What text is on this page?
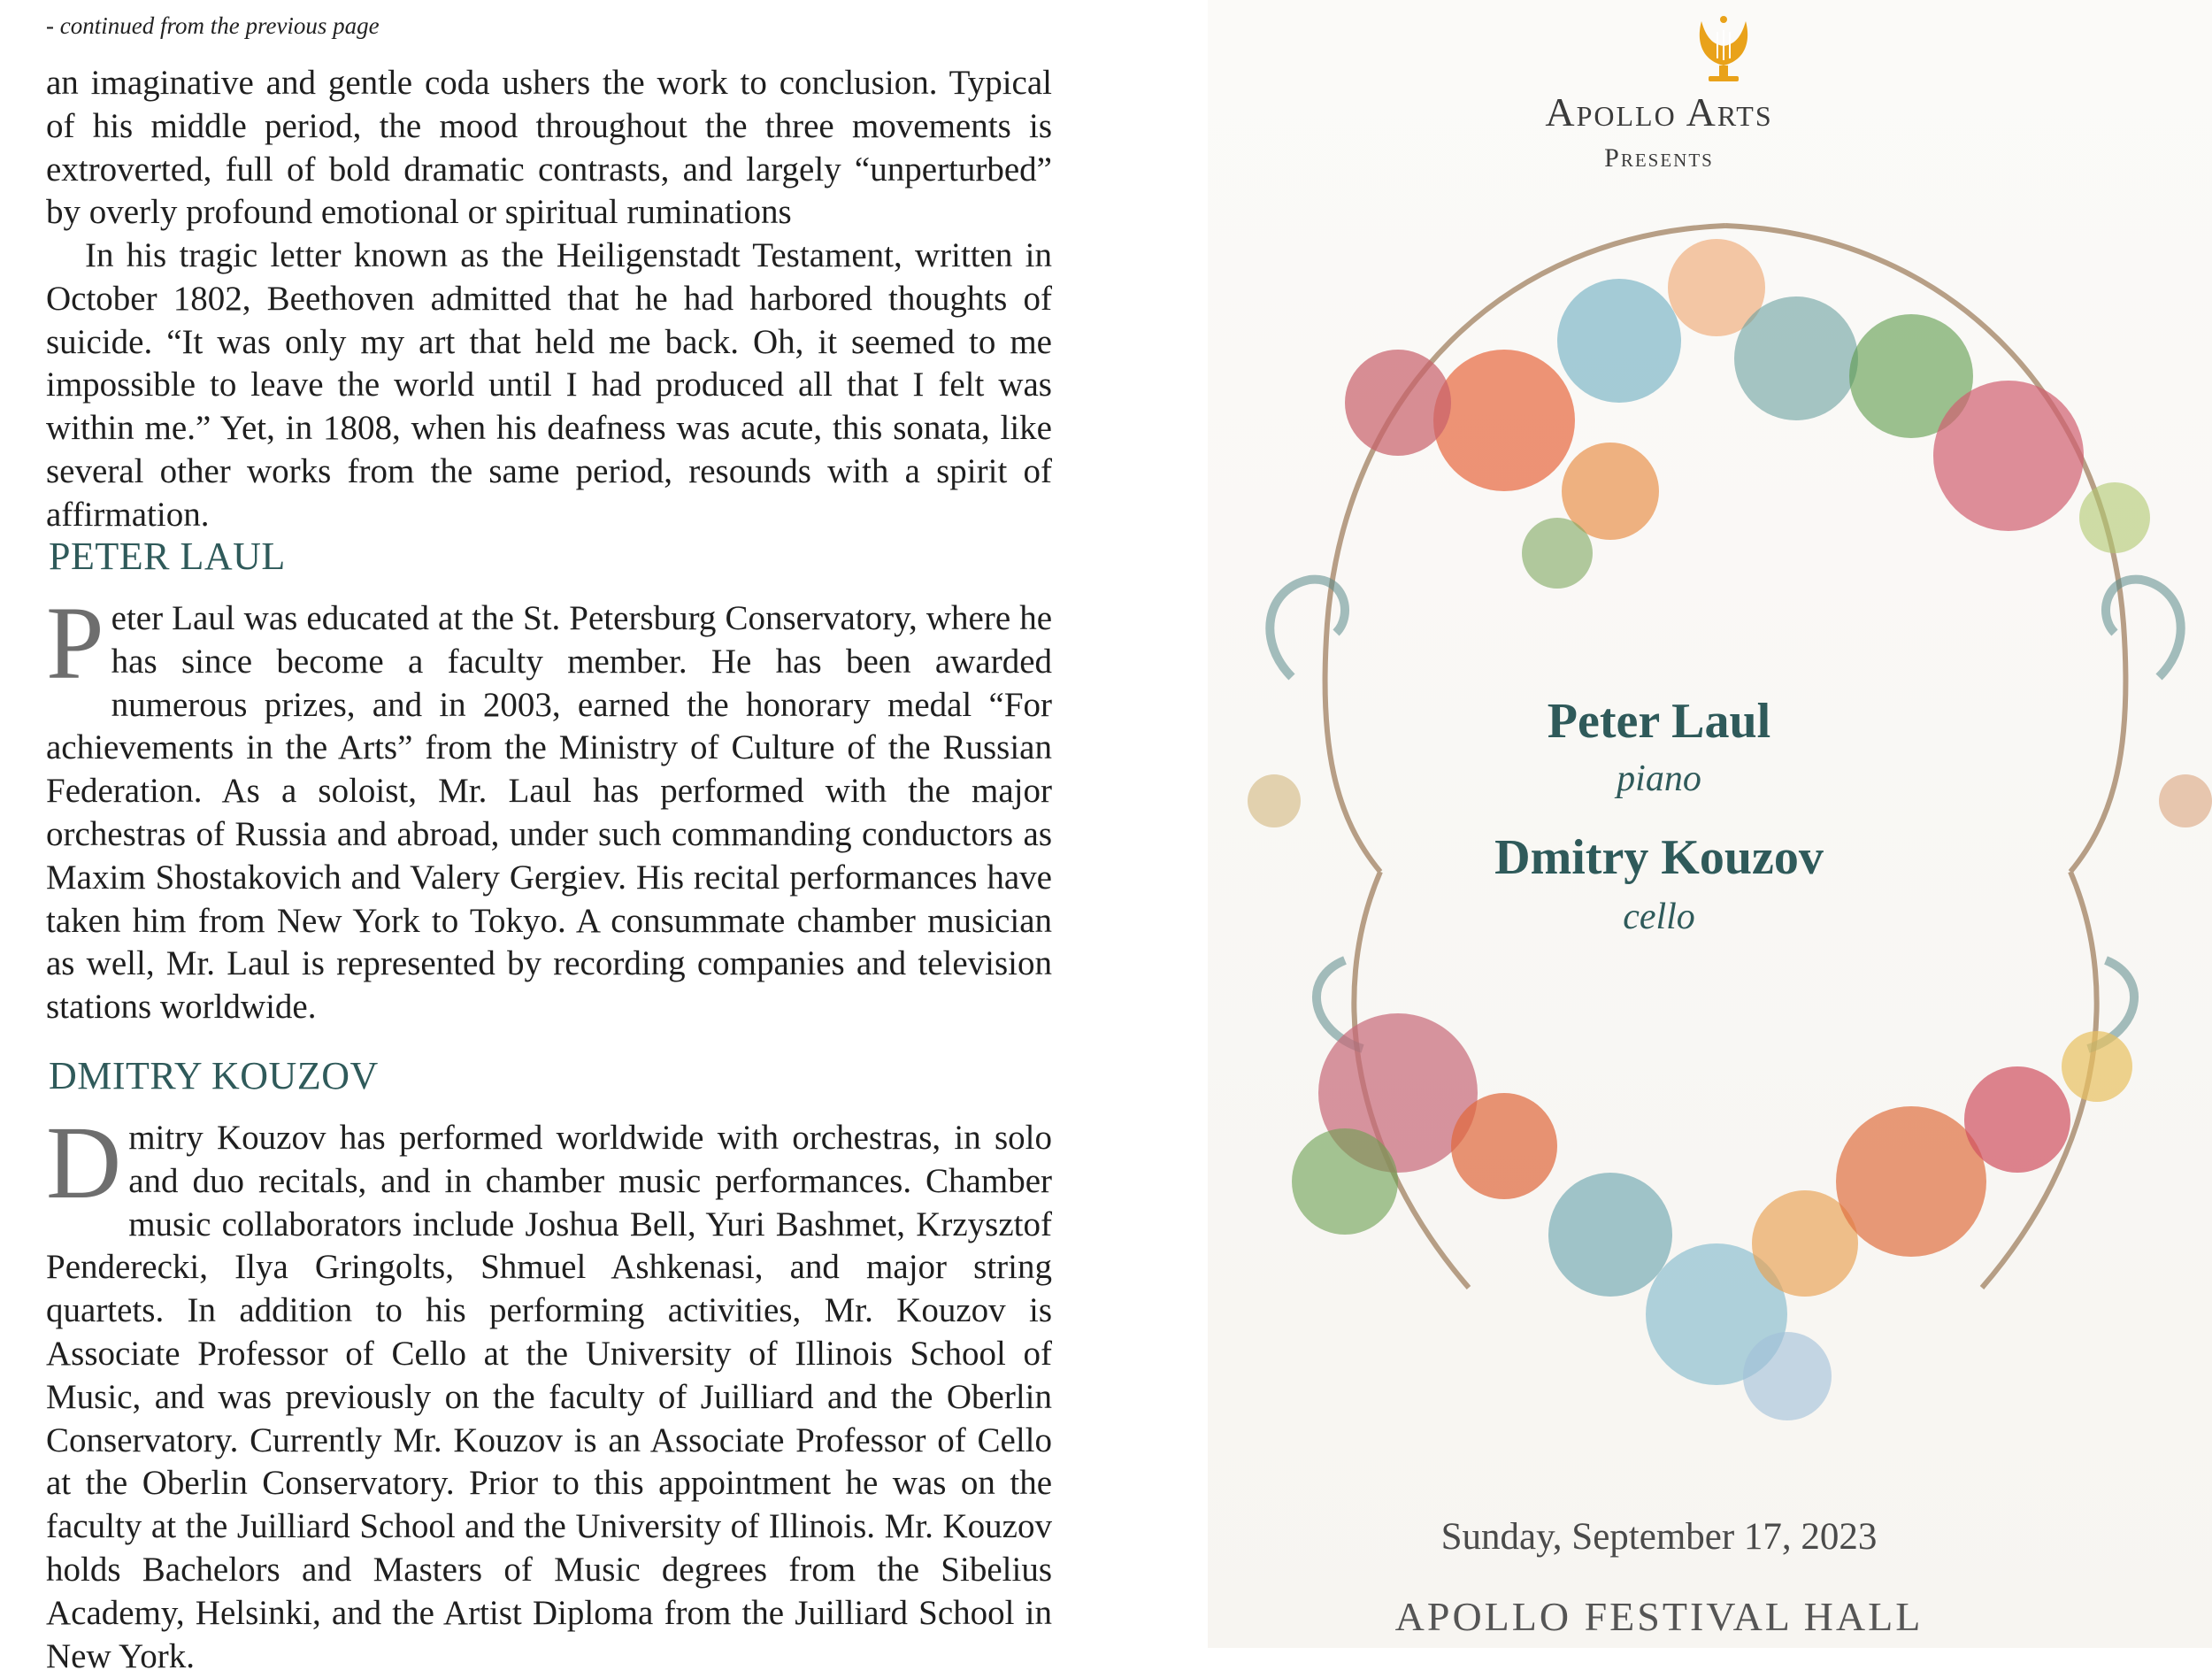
- continued from the previous page

an imaginative and gentle coda ushers the work to conclusion. Typical of his middle period, the mood throughout the three movements is extroverted, full of bold dramatic contrasts, and largely “unperturbed” by overly profound emotional or spiritual ruminations

In his tragic letter known as the Heiligenstadt Testament, written in October 1802, Beethoven admitted that he had harbored thoughts of suicide. “It was only my art that held me back. Oh, it seemed to me impossible to leave the world until I had produced all that I felt was within me.” Yet, in 1808, when his deafness was acute, this sonata, like several other works from the same period, resounds with a spirit of affirmation.

PETER LAUL

Peter Laul was educated at the St. Petersburg Conservatory, where he has since become a faculty member. He has been awarded numerous prizes, and in 2003, earned the honorary medal “For achievements in the Arts” from the Ministry of Culture of the Russian Federation. As a soloist, Mr. Laul has performed with the major orchestras of Russia and abroad, under such commanding conductors as Maxim Shostakovich and Valery Gergiev. His recital performances have taken him from New York to Tokyo. A consummate chamber musician as well, Mr. Laul is represented by recording companies and television stations worldwide.

DMITRY KOUZOV

Dmitry Kouzov has performed worldwide with orchestras, in solo and duo recitals, and in chamber music performances. Chamber music collaborators include Joshua Bell, Yuri Bashmet, Krzysztof Penderecki, Ilya Gringolts, Shmuel Ashkenasi, and major string quartets. In addition to his performing activities, Mr. Kouzov is Associate Professor of Cello at the University of Illinois School of Music, and was previously on the faculty of Juilliard and the Oberlin Conservatory. Currently Mr. Kouzov is an Associate Professor of Cello at the Oberlin Conservatory. Prior to this appointment he was on the faculty at the Juilliard School and the University of Illinois. Mr. Kouzov holds Bachelors and Masters of Music degrees from the Sibelius Academy, Helsinki, and the Artist Diploma from the Juilliard School in New York.

Apollo Arts
Presents
Peter Laul
piano
Dmitry Kouzov
cello
Sunday, September 17, 2023
APOLLO FESTIVAL HALL
